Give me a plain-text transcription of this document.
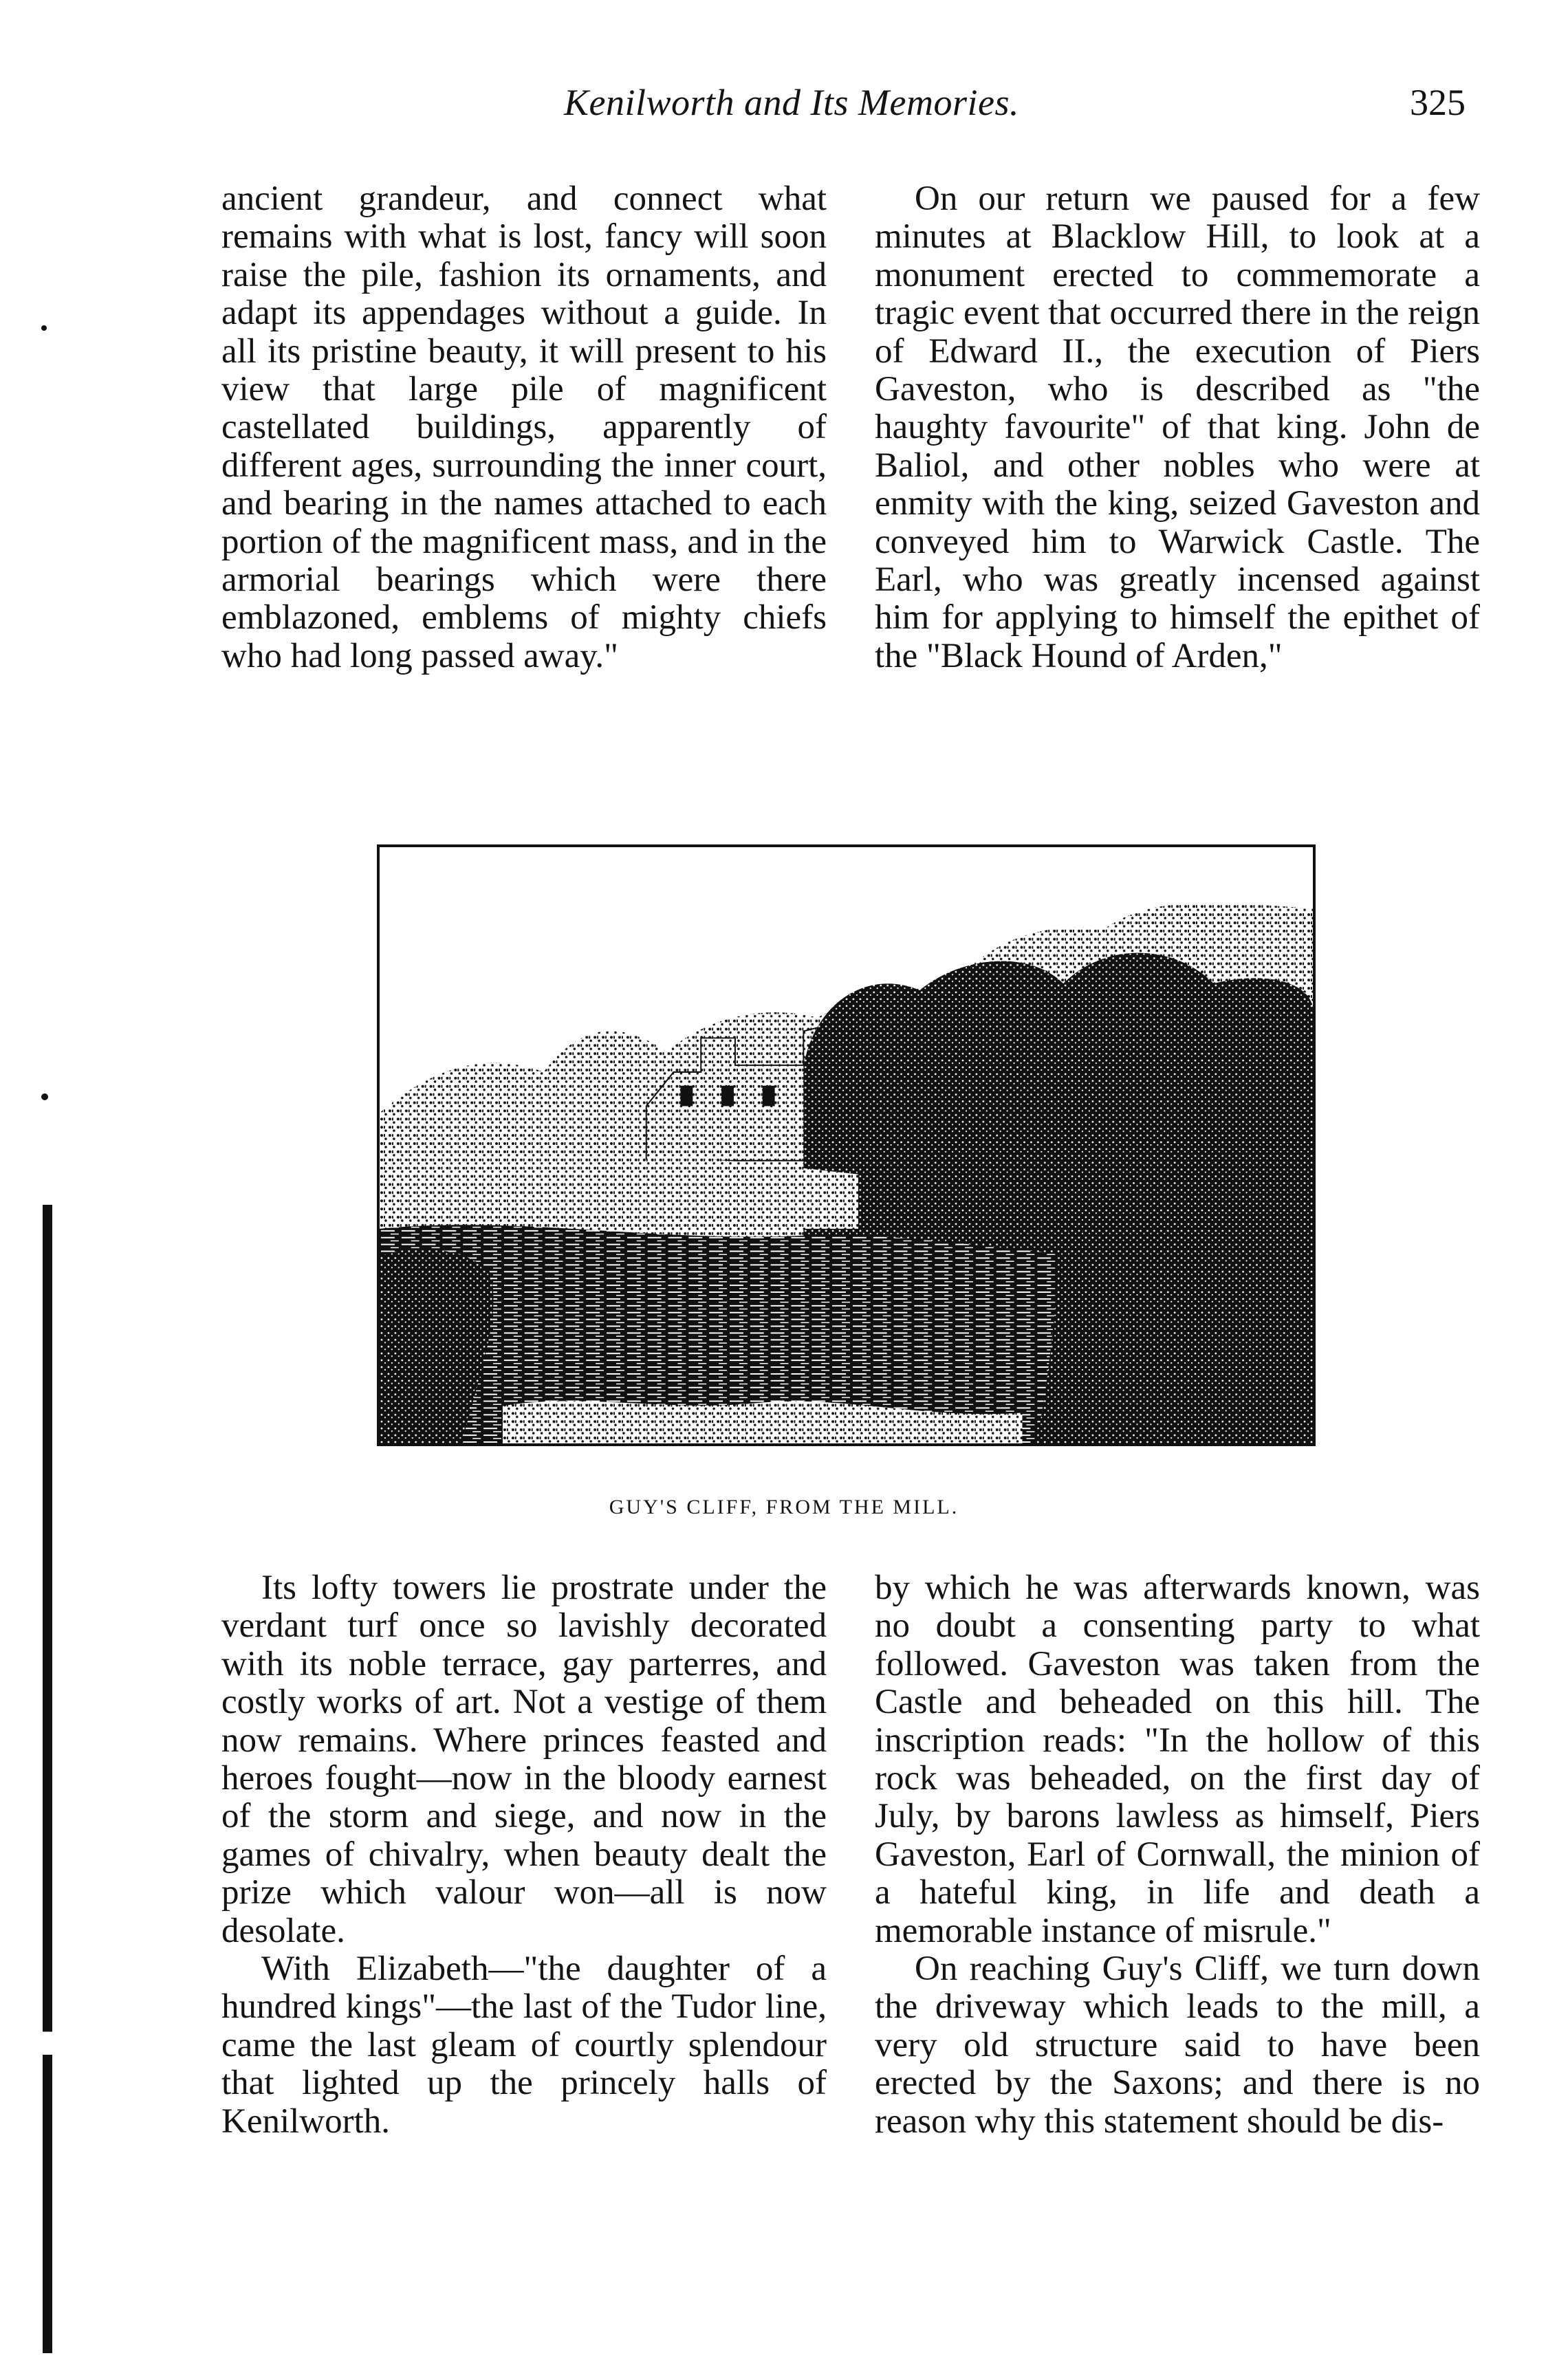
Kenilworth and Its Memories.	325

ancient grandeur, and connect what remains with what is lost, fancy will soon raise the pile, fashion its ornaments, and adapt its appendages without a guide. In all its pristine beauty, it will present to his view that large pile of magnificent castellated buildings, apparently of different ages, surrounding the inner court, and bearing in the names attached to each portion of the magnificent mass, and in the armorial bearings which were there emblazoned, emblems of mighty chiefs who had long passed away."

On our return we paused for a few minutes at Blacklow Hill, to look at a monument erected to commemorate a tragic event that occurred there in the reign of Edward II., the execution of Piers Gaveston, who is described as "the haughty favourite" of that king. John de Baliol, and other nobles who were at enmity with the king, seized Gaveston and conveyed him to Warwick Castle. The Earl, who was greatly incensed against him for applying to himself the epithet of the "Black Hound of Arden,"

GUY'S CLIFF, FROM THE MILL.

Its lofty towers lie prostrate under the verdant turf once so lavishly decorated with its noble terrace, gay parterres, and costly works of art. Not a vestige of them now remains. Where princes feasted and heroes fought—now in the bloody earnest of the storm and siege, and now in the games of chivalry, when beauty dealt the prize which valour won—all is now desolate.

With Elizabeth—"the daughter of a hundred kings"—the last of the Tudor line, came the last gleam of courtly splendour that lighted up the princely halls of Kenilworth.

by which he was afterwards known, was no doubt a consenting party to what followed. Gaveston was taken from the Castle and beheaded on this hill. The inscription reads: "In the hollow of this rock was beheaded, on the first day of July, by barons lawless as himself, Piers Gaveston, Earl of Cornwall, the minion of a hateful king, in life and death a memorable instance of misrule."

On reaching Guy's Cliff, we turn down the driveway which leads to the mill, a very old structure said to have been erected by the Saxons; and there is no reason why this statement should be dis-
